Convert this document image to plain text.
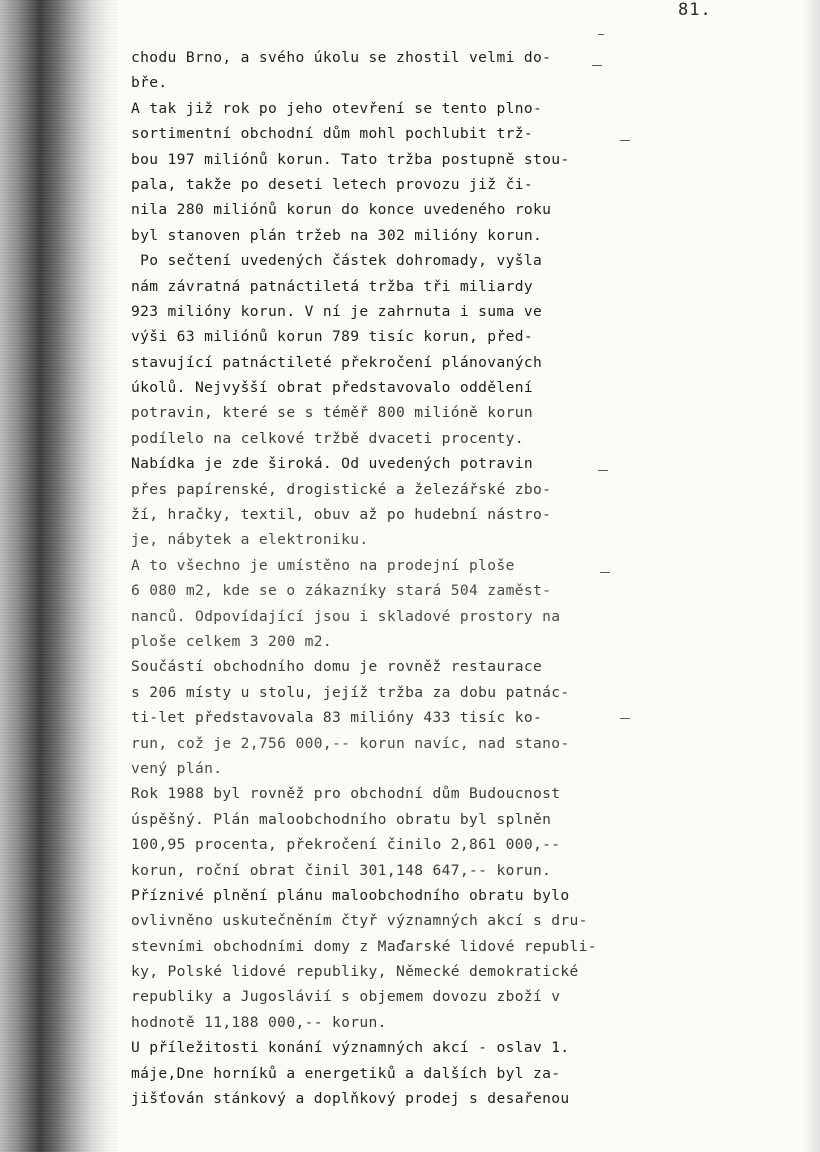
81.
chodu Brno, a svého úkolu se zhostil velmi do-
bře.
A tak již rok po jeho otevření se tento plno-
sortimentní obchodní dům mohl pochlubit trž-
bou 197 miliónů korun. Tato tržba postupně stou-
pala, takže po deseti letech provozu již či-
nila 280 miliónů korun do konce uvedeného roku
byl stanoven plán tržeb na 302 milióny korun.
Po sečtení uvedených částek dohromady, vyšla
nám závratná patnáctiletá tržba tři miliardy
923 milióny korun. V ní je zahrnuta i suma ve
výši 63 miliónů korun 789 tisíc korun, před-
stavující patnáctileté překročení plánovaných
úkolů. Nejvyšší obrat představovalo oddělení
potravin, které se s téměř 800 milióně korun
podílelo na celkové tržbě dvaceti procenty.
Nabídka je zde široká. Od uvedených potravin
přes papírenské, drogistické a železářské zbo-
ží, hračky, textil, obuv až po hudební nástro-
je, nábytek a elektroniku.
A to všechno je umístěno na prodejní ploše
6 080 m2, kde se o zákazníky stará 504 zaměst-
nanců. Odpovídající jsou i skladové prostory na
ploše celkem 3 200 m2.
Součástí obchodního domu je rovněž restaurace
s 206 místy u stolu, jejíž tržba za dobu patnác-
ti-let představovala 83 milióny 433 tisíc ko-
run, což je 2,756 000,-- korun navíc, nad stano-
vený plán.
Rok 1988 byl rovněž pro obchodní dům Budoucnost
úspěšný. Plán maloobchodního obratu byl splněn
100,95 procenta, překročení činilo 2,861 000,--
korun, roční obrat činil 301,148 647,-- korun.
Příznivé plnění plánu maloobchodního obratu bylo
ovlivněno uskutečněním čtyř významných akcí s dru-
stevními obchodními domy z Maďarské lidové republi-
ky, Polské lidové republiky, Německé demokratické
republiky a Jugoslávií s objemem dovozu zboží v
hodnotě 11,188 000,-- korun.
U příležitosti konání významných akcí - oslav 1.
máje,Dne horníků a energetiků a dalších byl za-
jišťován stánkový a doplňkový prodej s desařenou
